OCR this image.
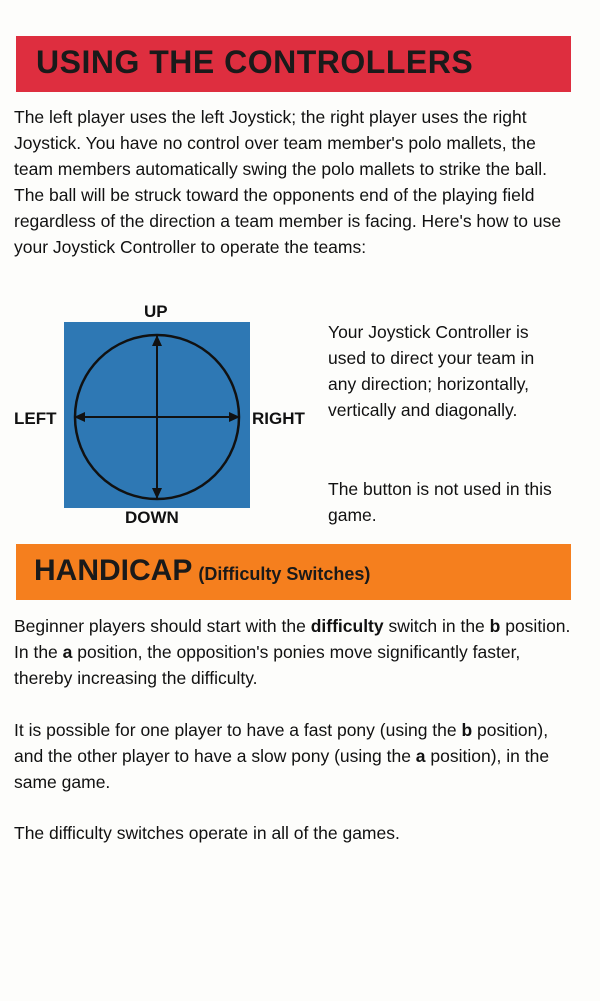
USING THE CONTROLLERS
The left player uses the left Joystick; the right player uses the right Joystick. You have no control over team member's polo mallets, the team members automatically swing the polo mallets to strike the ball. The ball will be struck toward the opponents end of the playing field regardless of the direction a team member is facing. Here's how to use your Joystick Controller to operate the teams:
UP
DOWN
LEFT	RIGHT
Your Joystick Controller is used to direct your team in any direction; horizontally, vertically and diagonally.
The button is not used in this game.
HANDICAP (Difficulty Switches)
Beginner players should start with the difficulty switch in the b position. In the a position, the opposition's ponies move significantly faster, thereby increasing the difficulty.
It is possible for one player to have a fast pony (using the b position), and the other player to have a slow pony (using the a position), in the same game.
The difficulty switches operate in all of the games.
